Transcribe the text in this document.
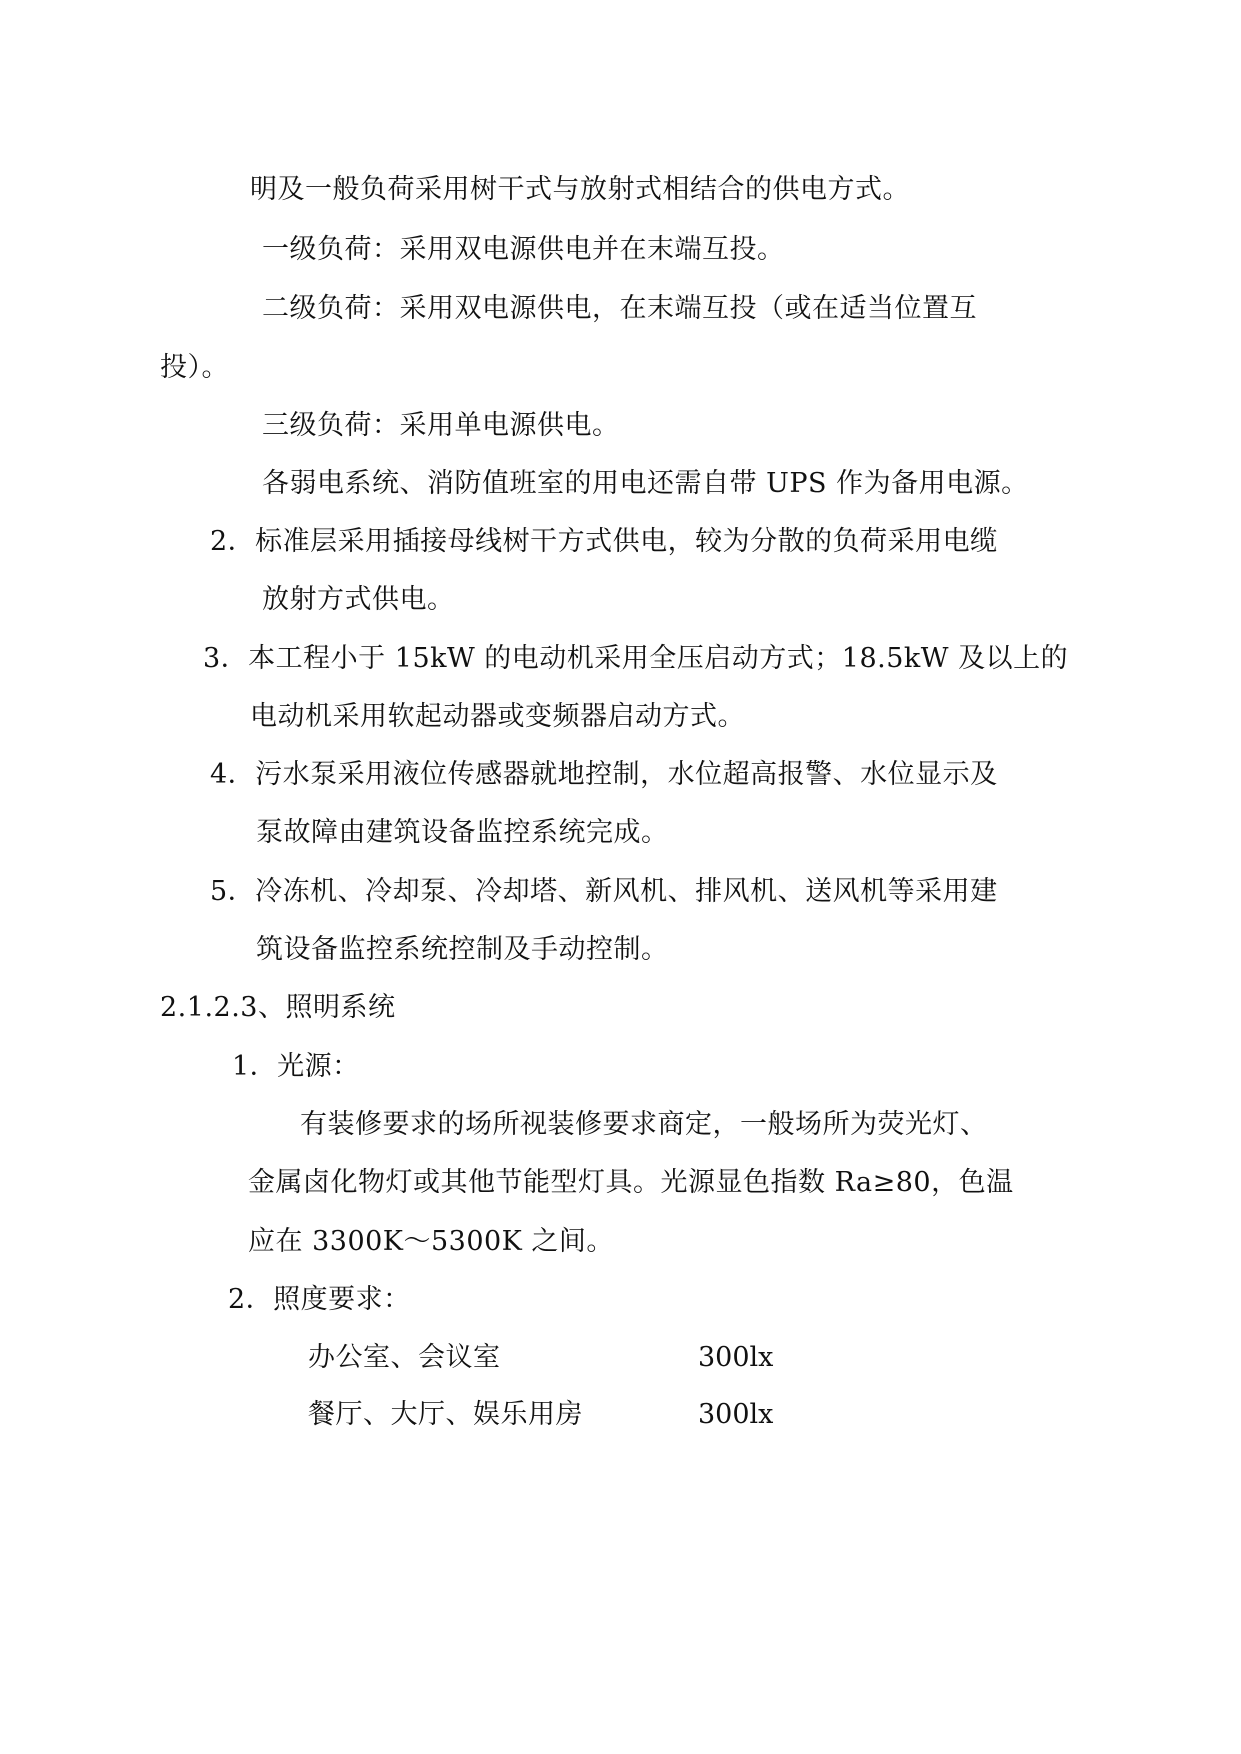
明及一般负荷采用树干式与放射式相结合的供电方式。
一级负荷：采用双电源供电并在末端互投。
二级负荷：采用双电源供电，在末端互投（或在适当位置互
投）。
三级负荷：采用单电源供电。
各弱电系统、消防值班室的用电还需自带 UPS 作为备用电源。
2．标准层采用插接母线树干方式供电，较为分散的负荷采用电缆
放射方式供电。
3．本工程小于 15kW 的电动机采用全压启动方式；18.5kW 及以上的
电动机采用软起动器或变频器启动方式。
4．污水泵采用液位传感器就地控制，水位超高报警、水位显示及
泵故障由建筑设备监控系统完成。
5．冷冻机、冷却泵、冷却塔、新风机、排风机、送风机等采用建
筑设备监控系统控制及手动控制。
2.1.2.3、照明系统
1．光源：
有装修要求的场所视装修要求商定，一般场所为荧光灯、
金属卤化物灯或其他节能型灯具。光源显色指数 Ra≥80，色温
应在 3300K～5300K 之间。
2．照度要求：
办公室、会议室	300lx
餐厅、大厅、娱乐用房	300lx
